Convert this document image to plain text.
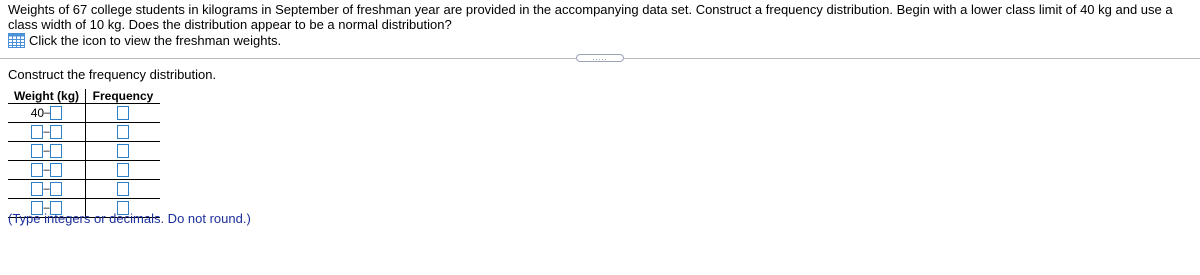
Weights of 67 college students in kilograms in September of freshman year are provided in the accompanying data set. Construct a frequency distribution. Begin with a lower class limit of 40 kg and use a class width of 10 kg. Does the distribution appear to be a normal distribution?
Click the icon to view the freshman weights.
.....
Construct the frequency distribution.
Weight (kg)	Frequency
40 –
–
–
–
–
–
(Type integers or decimals. Do not round.)
